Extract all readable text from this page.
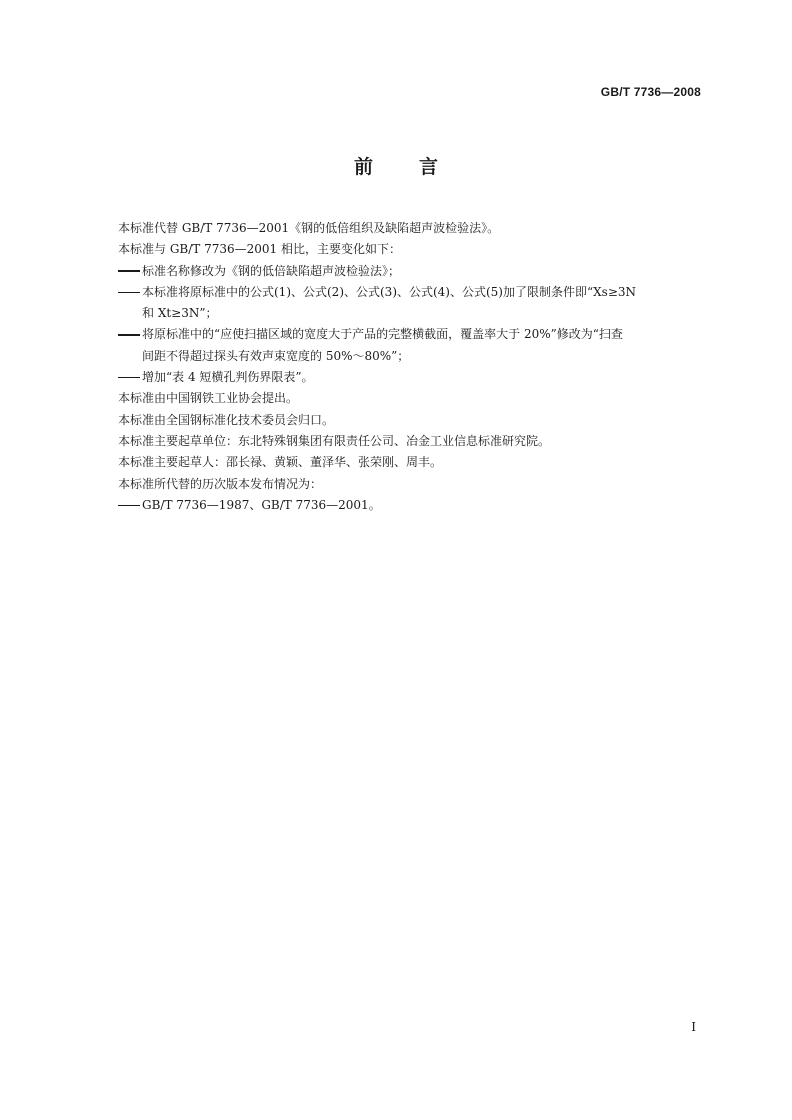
GB/T 7736—2008
前言
本标准代替 GB/T 7736—2001《钢的低倍组织及缺陷超声波检验法》。
本标准与 GB/T 7736—2001 相比，主要变化如下：
标准名称修改为《钢的低倍缺陷超声波检验法》；
本标准将原标准中的公式(1)、公式(2)、公式(3)、公式(4)、公式(5)加了限制条件即“Xs≥3N
和 Xt≥3N”；
将原标准中的“应使扫描区域的宽度大于产品的完整横截面，覆盖率大于 20%”修改为“扫查
间距不得超过探头有效声束宽度的 50%～80%”；
增加“表 4 短横孔判伤界限表”。
本标准由中国钢铁工业协会提出。
本标准由全国钢标准化技术委员会归口。
本标准主要起草单位：东北特殊钢集团有限责任公司、冶金工业信息标准研究院。
本标准主要起草人：邵长禄、黄颖、董泽华、张荣刚、周丰。
本标准所代替的历次版本发布情况为：
GB/T 7736—1987、GB/T 7736—2001。
I
